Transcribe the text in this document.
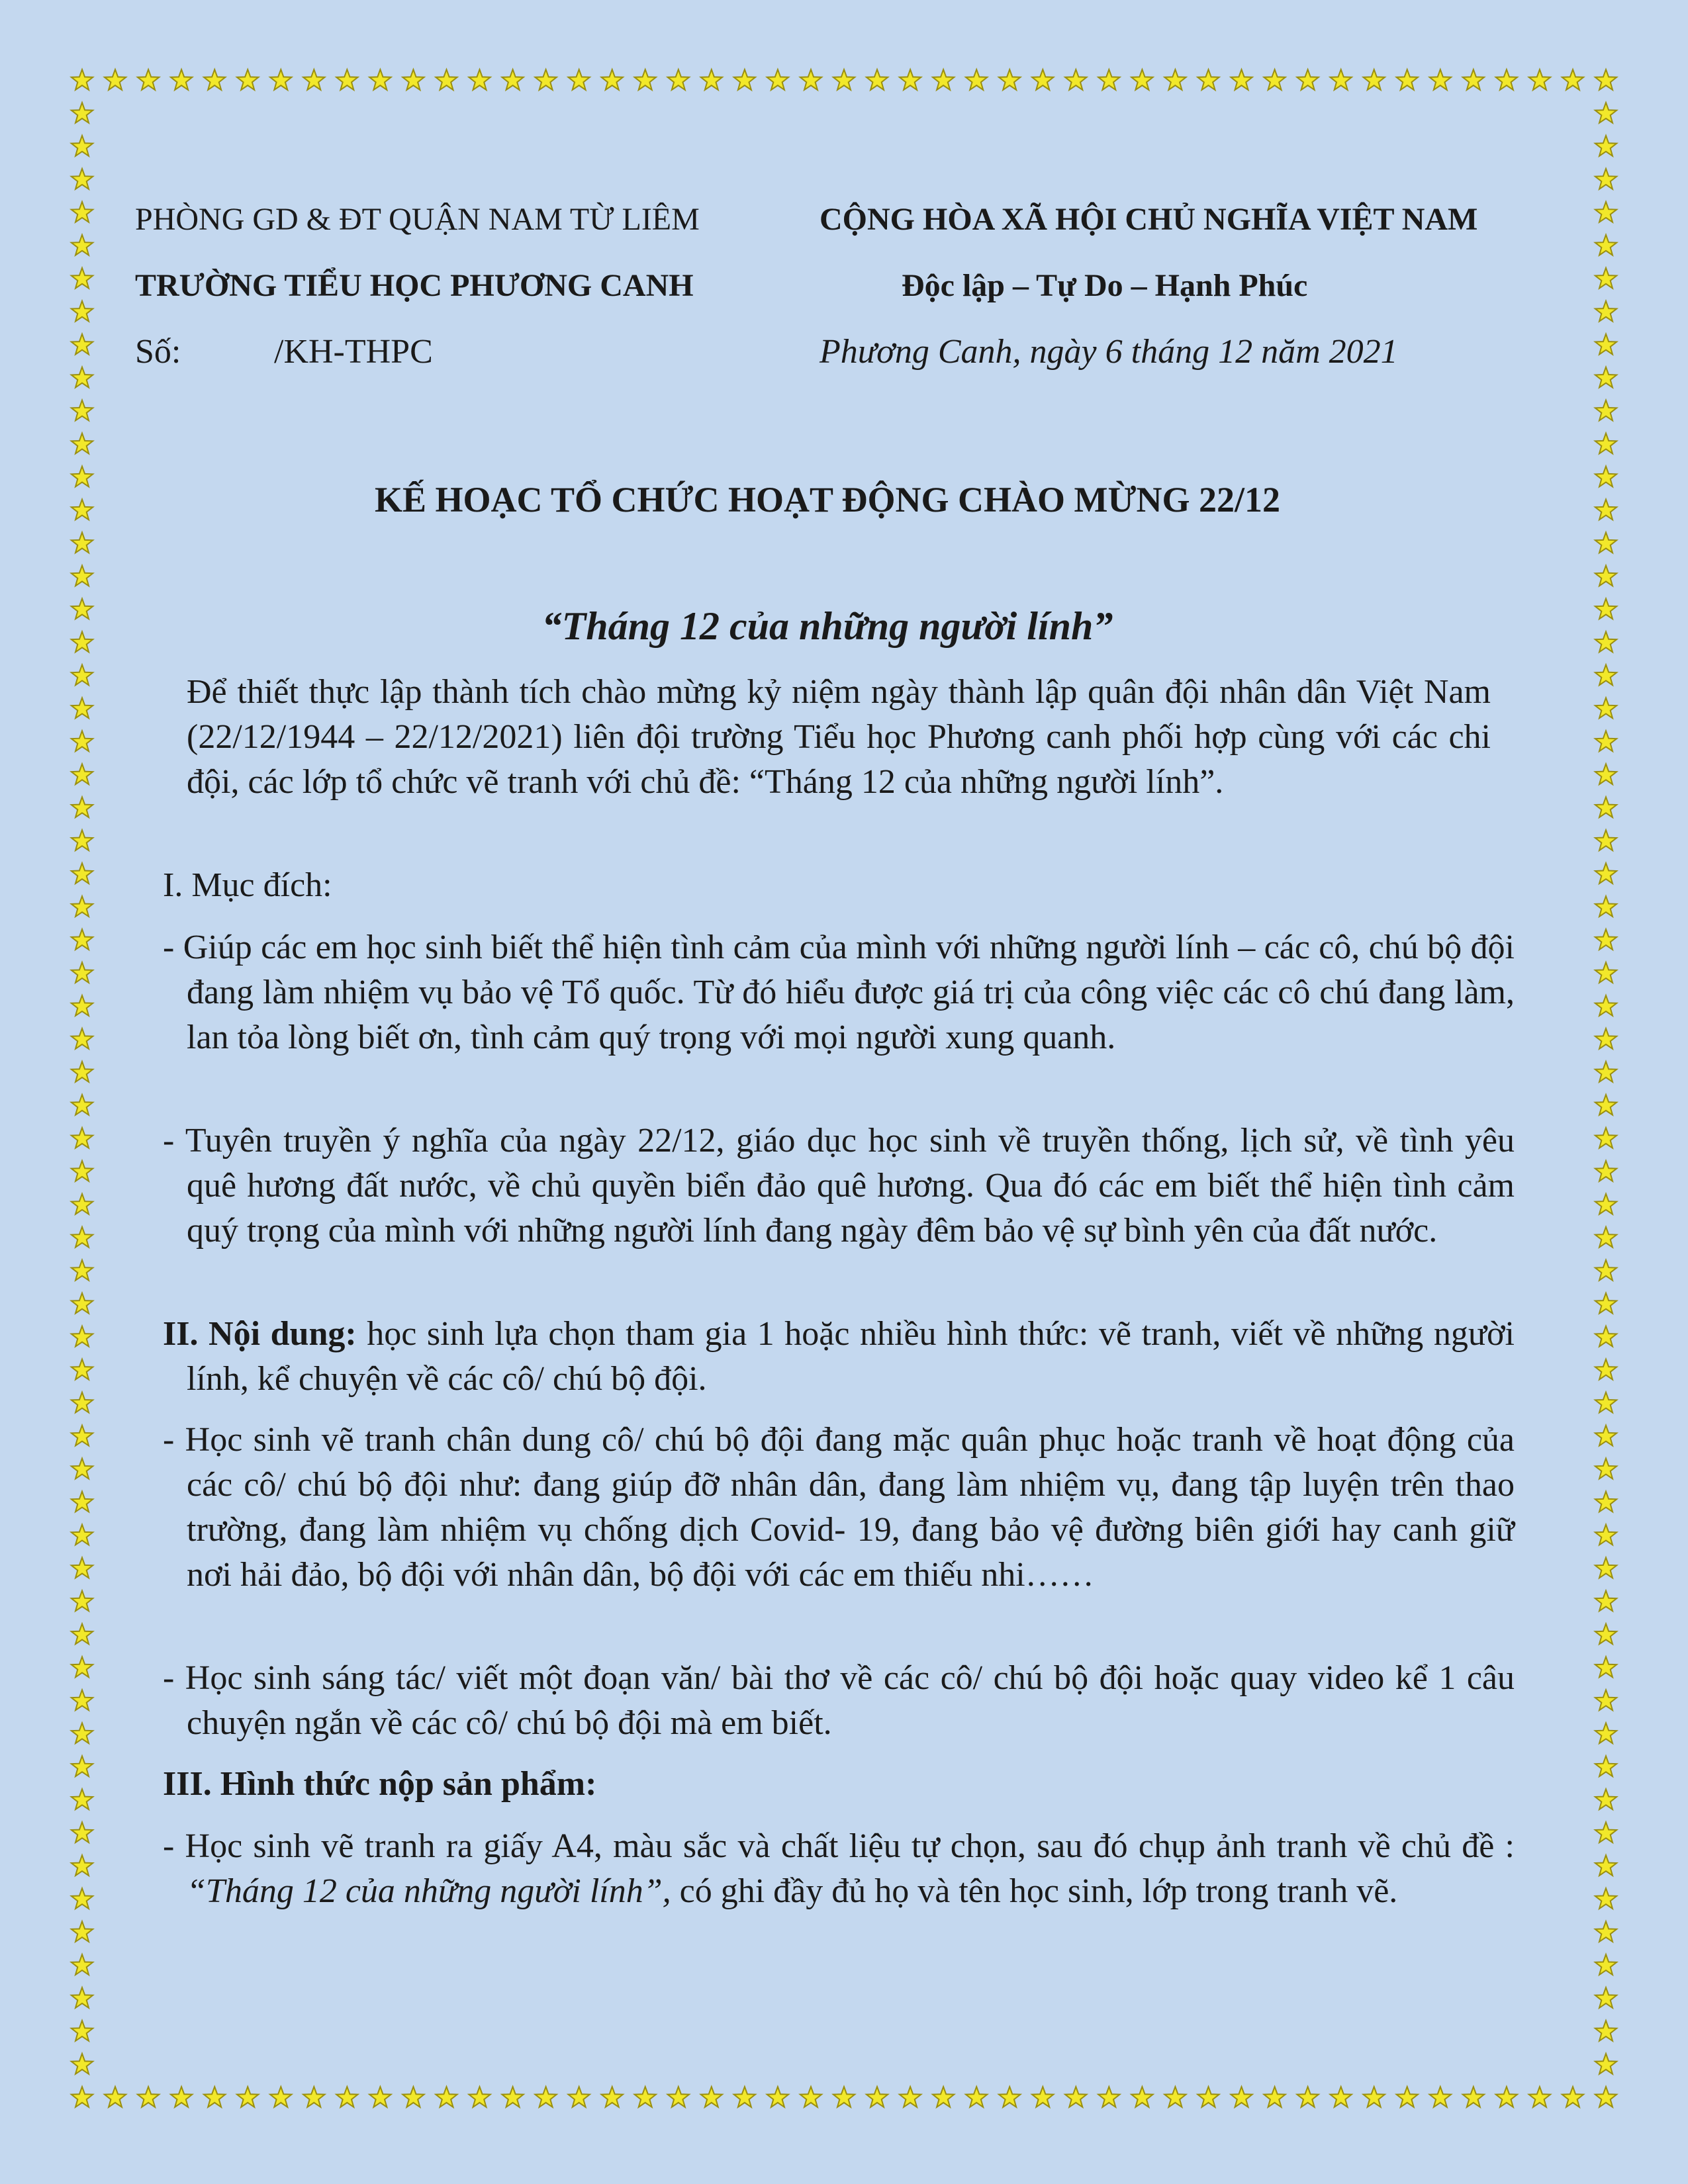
PHÒNG GD & ĐT QUẬN NAM TỪ LIÊM
TRƯỜNG TIỂU HỌC PHƯƠNG CANH
Số:	/KH-THPC
CỘNG HÒA XÃ HỘI CHỦ NGHĨA VIỆT NAM
Độc lập – Tự Do – Hạnh Phúc
Phương Canh, ngày 6 tháng 12 năm 2021
KẾ HOẠC TỔ CHỨC HOẠT ĐỘNG CHÀO MỪNG 22/12
“Tháng 12 của những người lính”
Để thiết thực lập thành tích chào mừng kỷ niệm ngày thành lập quân đội nhân dân Việt Nam (22/12/1944 – 22/12/2021) liên đội trường Tiểu học Phương canh phối hợp cùng với các chi đội, các lớp tổ chức vẽ tranh với chủ đề: “Tháng 12 của những người lính”.
I. Mục đích:
- Giúp các em học sinh biết thể hiện tình cảm của mình với những người lính – các cô, chú bộ đội đang làm nhiệm vụ bảo vệ Tổ quốc. Từ đó hiểu được giá trị của công việc các cô chú đang làm, lan tỏa lòng biết ơn, tình cảm quý trọng với mọi người xung quanh.
- Tuyên truyền ý nghĩa của ngày 22/12, giáo dục học sinh về truyền thống, lịch sử, về tình yêu quê hương đất nước, về chủ quyền biển đảo quê hương. Qua đó các em biết thể hiện tình cảm quý trọng của mình với những người lính đang ngày đêm bảo vệ sự bình yên của đất nước.
II. Nội dung: học sinh lựa chọn tham gia 1 hoặc nhiều hình thức: vẽ tranh, viết về những người lính, kể chuyện về các cô/ chú bộ đội.
- Học sinh vẽ tranh chân dung cô/ chú bộ đội đang mặc quân phục hoặc tranh về hoạt động của các cô/ chú bộ đội như: đang giúp đỡ nhân dân, đang làm nhiệm vụ, đang tập luyện trên thao trường, đang làm nhiệm vụ chống dịch Covid- 19, đang bảo vệ đường biên giới hay canh giữ nơi hải đảo, bộ đội với nhân dân, bộ đội với các em thiếu nhi……
- Học sinh sáng tác/ viết một đoạn văn/ bài thơ về các cô/ chú bộ đội hoặc quay video kể 1 câu chuyện ngắn về các cô/ chú bộ đội mà em biết.
III. Hình thức nộp sản phẩm:
- Học sinh vẽ tranh ra giấy A4, màu sắc và chất liệu tự chọn, sau đó chụp ảnh tranh về chủ đề : “Tháng 12 của những người lính”, có ghi đầy đủ họ và tên học sinh, lớp trong tranh vẽ.
